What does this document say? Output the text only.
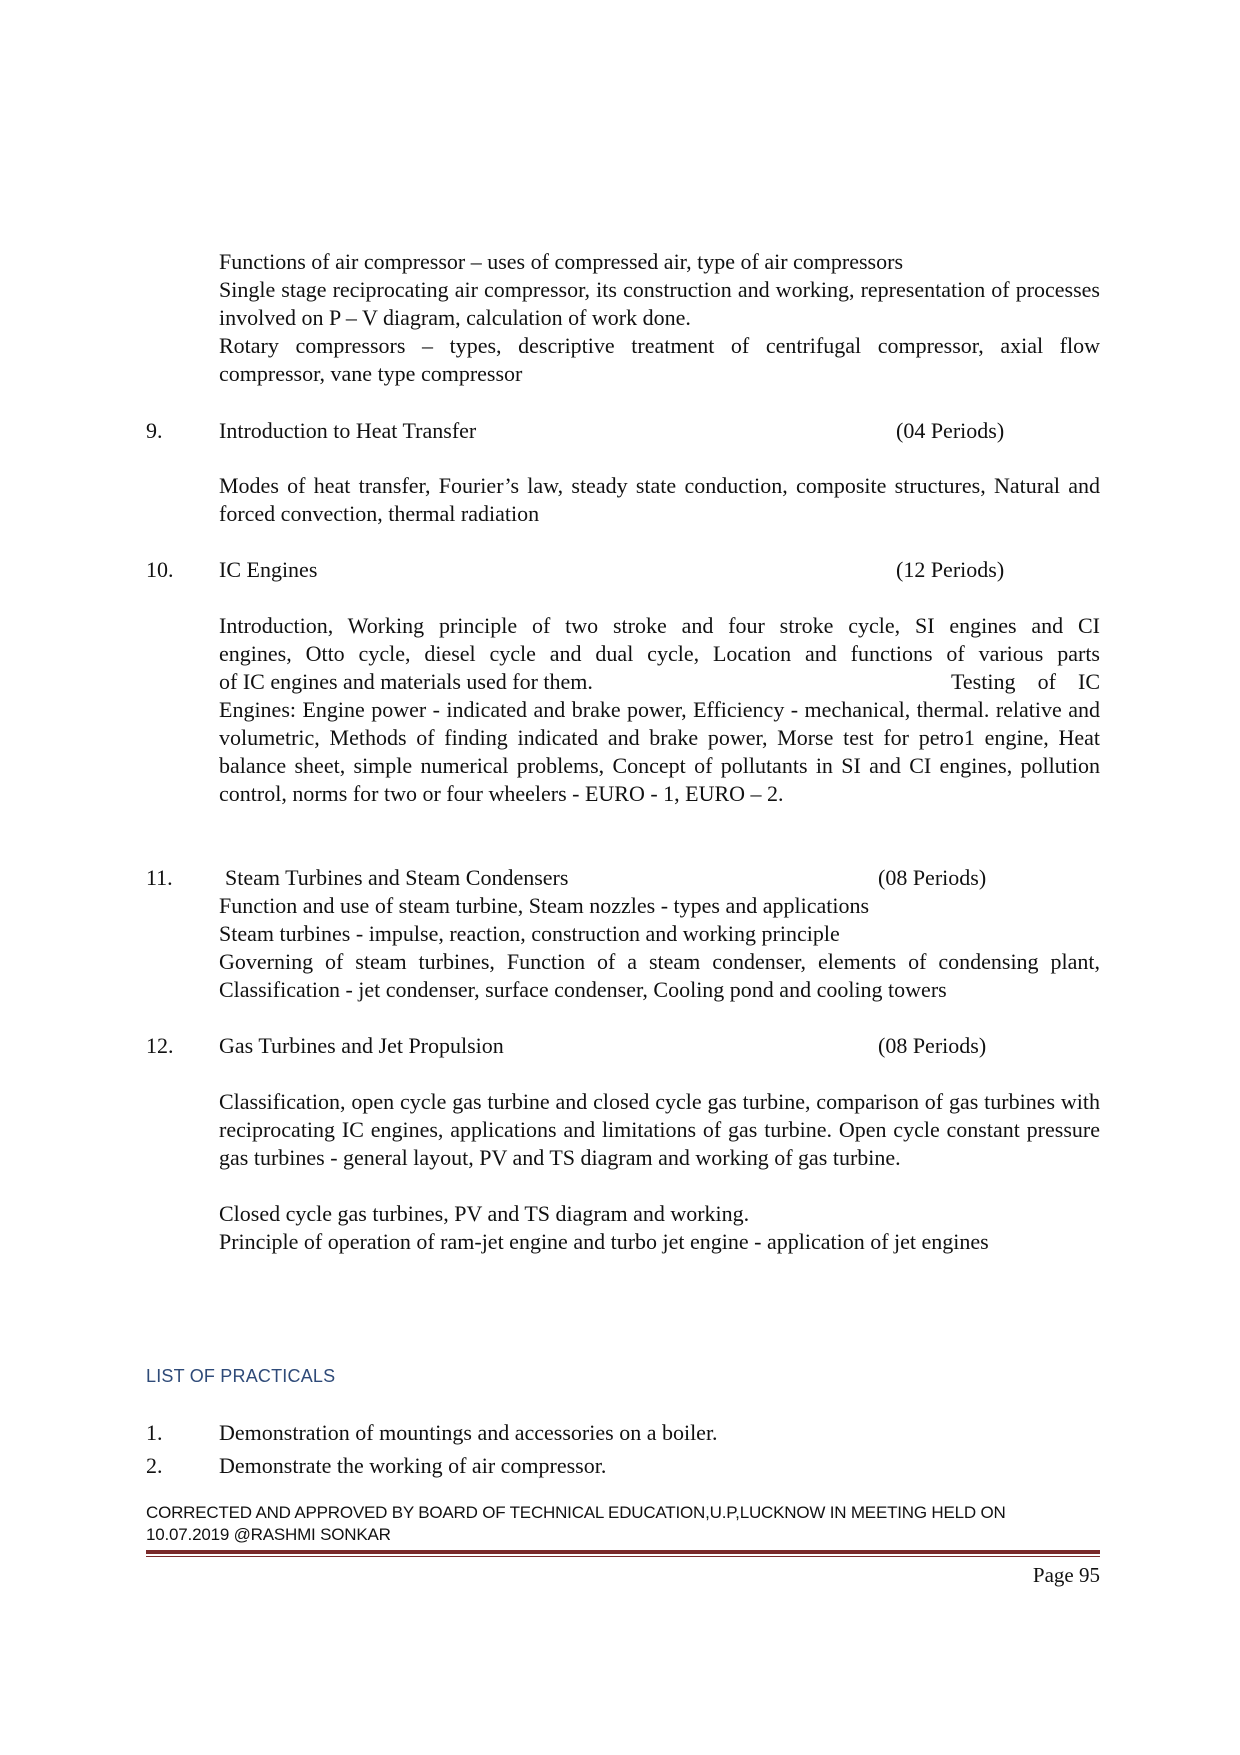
Functions of air compressor – uses of compressed air, type of air compressors
Single stage reciprocating air compressor, its construction and working, representation of processes involved on P – V diagram, calculation of work done.
Rotary compressors – types, descriptive treatment of centrifugal compressor, axial flow compressor, vane type compressor
9.	Introduction to Heat Transfer	(04 Periods)
Modes of heat transfer, Fourier’s law, steady state conduction, composite structures, Natural and forced convection, thermal radiation
10. IC Engines	(12 Periods)
Introduction, Working principle of two stroke and four stroke cycle, SI engines and CI
engines, Otto cycle, diesel cycle and dual cycle, Location and functions of various parts
of IC engines and materials used for them.	Testing of IC
Engines: Engine power - indicated and brake power, Efficiency - mechanical, thermal. relative and volumetric, Methods of finding indicated and brake power, Morse test for petro1 engine, Heat balance sheet, simple numerical problems, Concept of pollutants in SI and CI engines, pollution control, norms for two or four wheelers - EURO - 1, EURO – 2.
11. Steam Turbines and Steam Condensers	(08 Periods)
Function and use of steam turbine, Steam nozzles - types and applications
Steam turbines - impulse, reaction, construction and working principle
Governing of steam turbines, Function of a steam condenser, elements of condensing plant, Classification - jet condenser, surface condenser, Cooling pond and cooling towers
12. Gas Turbines and Jet Propulsion	(08 Periods)
Classification, open cycle gas turbine and closed cycle gas turbine, comparison of gas turbines with reciprocating IC engines, applications and limitations of gas turbine. Open cycle constant pressure gas turbines - general layout, PV and TS diagram and working of gas turbine.
Closed cycle gas turbines, PV and TS diagram and working.
Principle of operation of ram-jet engine and turbo jet engine - application of jet engines
LIST OF PRACTICALS
1.	Demonstration of mountings and accessories on a boiler.
2.	Demonstrate the working of air compressor.
CORRECTED AND APPROVED BY BOARD OF TECHNICAL EDUCATION,U.P,LUCKNOW IN MEETING HELD ON
10.07.2019 @RASHMI SONKAR
Page 95
